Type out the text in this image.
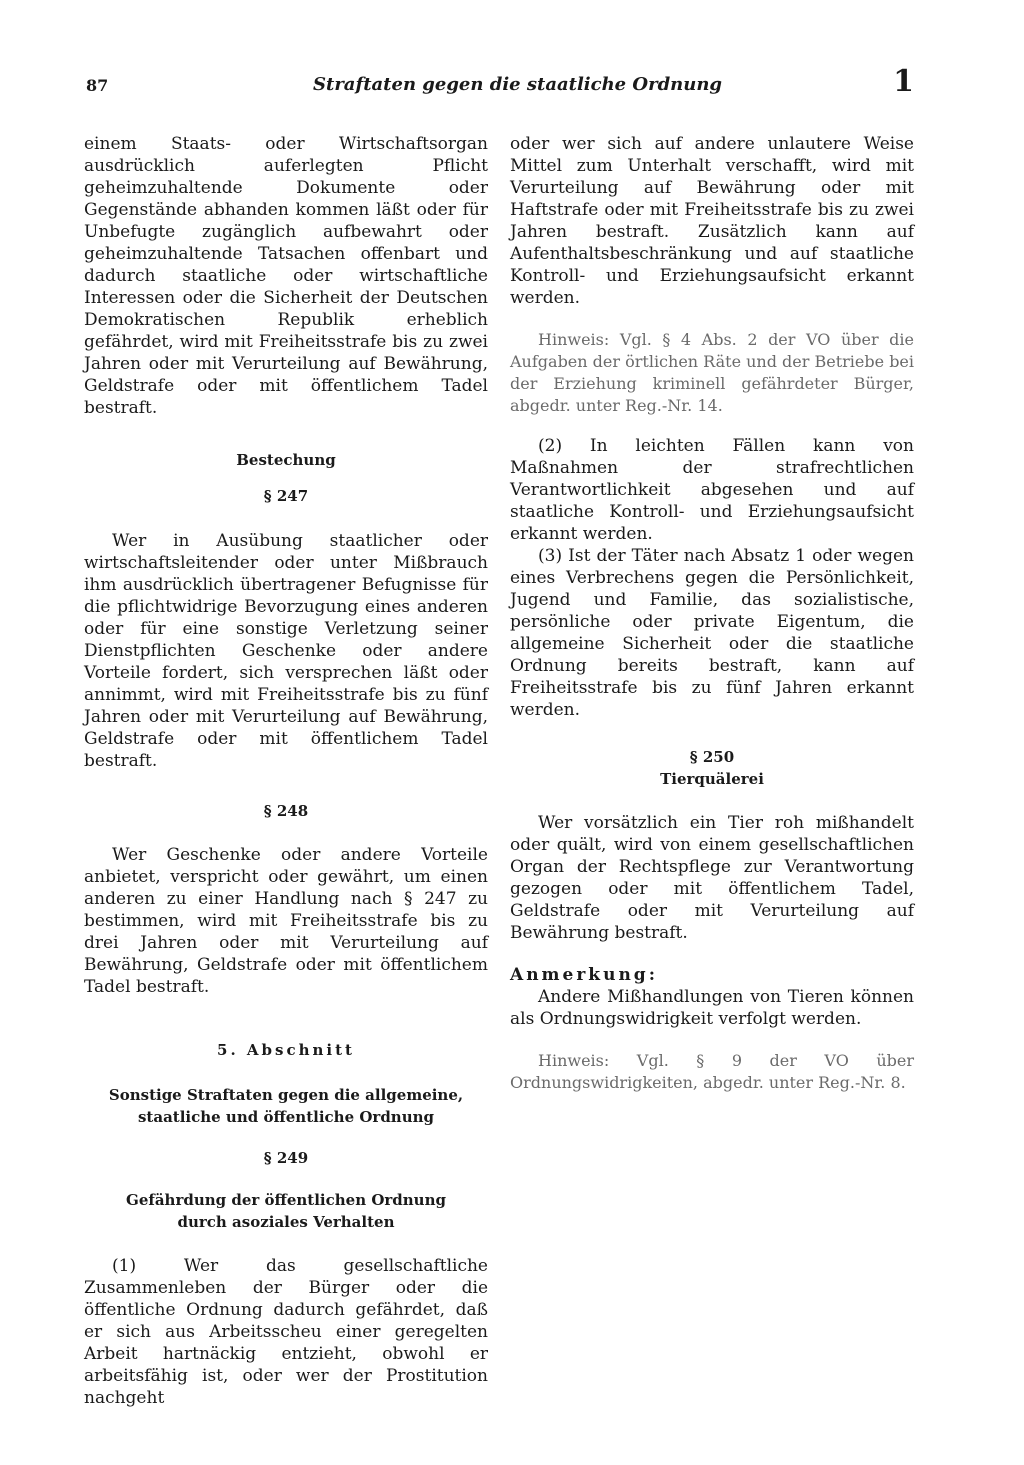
87	Straftaten gegen die staatliche Ordnung	1

einem Staats- oder Wirtschaftsorgan ausdrücklich auferlegten Pflicht geheimzuhaltende Dokumente oder Gegenstände abhanden kommen läßt oder für Unbefugte zugänglich aufbewahrt oder geheimzuhaltende Tatsachen offenbart und dadurch staatliche oder wirtschaftliche Interessen oder die Sicherheit der Deutschen Demokratischen Republik erheblich gefährdet, wird mit Freiheitsstrafe bis zu zwei Jahren oder mit Verurteilung auf Bewährung, Geldstrafe oder mit öffentlichem Tadel bestraft.

Bestechung

§ 247

Wer in Ausübung staatlicher oder wirtschaftsleitender oder unter Mißbrauch ihm ausdrücklich übertragener Befugnisse für die pflichtwidrige Bevorzugung eines anderen oder für eine sonstige Verletzung seiner Dienstpflichten Geschenke oder andere Vorteile fordert, sich versprechen läßt oder annimmt, wird mit Freiheitsstrafe bis zu fünf Jahren oder mit Verurteilung auf Bewährung, Geldstrafe oder mit öffentlichem Tadel bestraft.

§ 248

Wer Geschenke oder andere Vorteile anbietet, verspricht oder gewährt, um einen anderen zu einer Handlung nach § 247 zu bestimmen, wird mit Freiheitsstrafe bis zu drei Jahren oder mit Verurteilung auf Bewährung, Geldstrafe oder mit öffentlichem Tadel bestraft.

5. Abschnitt

Sonstige Straftaten gegen die allgemeine,

staatliche und öffentliche Ordnung

§ 249

Gefährdung der öffentlichen Ordnung

durch asoziales Verhalten

(1) Wer das gesellschaftliche Zusammenleben der Bürger oder die öffentliche Ordnung dadurch gefährdet, daß er sich aus Arbeitsscheu einer geregelten Arbeit hartnäckig entzieht, obwohl er arbeitsfähig ist, oder wer der Prostitution nachgeht

oder wer sich auf andere unlautere Weise Mittel zum Unterhalt verschafft, wird mit Verurteilung auf Bewährung oder mit Haftstrafe oder mit Freiheitsstrafe bis zu zwei Jahren bestraft. Zusätzlich kann auf Aufenthaltsbeschränkung und auf staatliche Kontroll- und Erziehungsaufsicht erkannt werden.

Hinweis: Vgl. § 4 Abs. 2 der VO über die Aufgaben der örtlichen Räte und der Betriebe bei der Erziehung kriminell gefährdeter Bürger, abgedr. unter Reg.-Nr. 14.

(2) In leichten Fällen kann von Maßnahmen der strafrechtlichen Verantwortlichkeit abgesehen und auf staatliche Kontroll- und Erziehungsaufsicht erkannt werden.

(3) Ist der Täter nach Absatz 1 oder wegen eines Verbrechens gegen die Persönlichkeit, Jugend und Familie, das sozialistische, persönliche oder private Eigentum, die allgemeine Sicherheit oder die staatliche Ordnung bereits bestraft, kann auf Freiheitsstrafe bis zu fünf Jahren erkannt werden.

§ 250

Tierquälerei

Wer vorsätzlich ein Tier roh mißhandelt oder quält, wird von einem gesellschaftlichen Organ der Rechtspflege zur Verantwortung gezogen oder mit öffentlichem Tadel, Geldstrafe oder mit Verurteilung auf Bewährung bestraft.

Anmerkung:

Andere Mißhandlungen von Tieren können als Ordnungswidrigkeit verfolgt werden.

Hinweis: Vgl. § 9 der VO über Ordnungswidrigkeiten, abgedr. unter Reg.-Nr. 8.
